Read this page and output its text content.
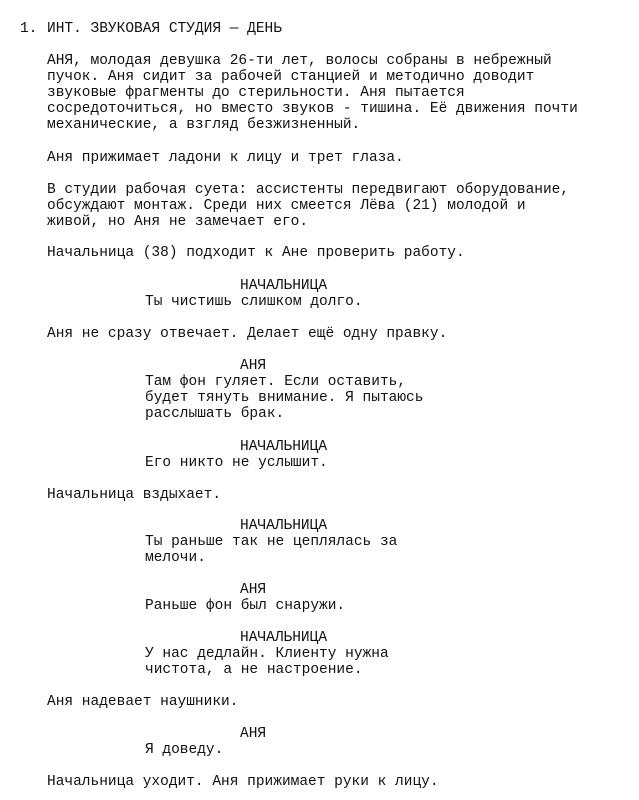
1. ИНТ. ЗВУКОВАЯ СТУДИЯ — ДЕНЬ
АНЯ, молодая девушка 26-ти лет, волосы собраны в небрежный
пучок. Аня сидит за рабочей станцией и методично доводит
звуковые фрагменты до стерильности. Аня пытается
сосредоточиться, но вместо звуков - тишина. Её движения почти
механические, а взгляд безжизненный.
Аня прижимает ладони к лицу и трет глаза.
В студии рабочая суета: ассистенты передвигают оборудование,
обсуждают монтаж. Среди них смеется Лёва (21) молодой и
живой, но Аня не замечает его.
Начальница (38) подходит к Ане проверить работу.
НАЧАЛЬНИЦА
Ты чистишь слишком долго.
Аня не сразу отвечает. Делает ещё одну правку.
АНЯ
Там фон гуляет. Если оставить,
будет тянуть внимание. Я пытаюсь
расслышать брак.
НАЧАЛЬНИЦА
Его никто не услышит.
Начальница вздыхает.
НАЧАЛЬНИЦА
Ты раньше так не цеплялась за
мелочи.
АНЯ
Раньше фон был снаружи.
НАЧАЛЬНИЦА
У нас дедлайн. Клиенту нужна
чистота, а не настроение.
Аня надевает наушники.
АНЯ
Я доведу.
Начальница уходит. Аня прижимает руки к лицу.
